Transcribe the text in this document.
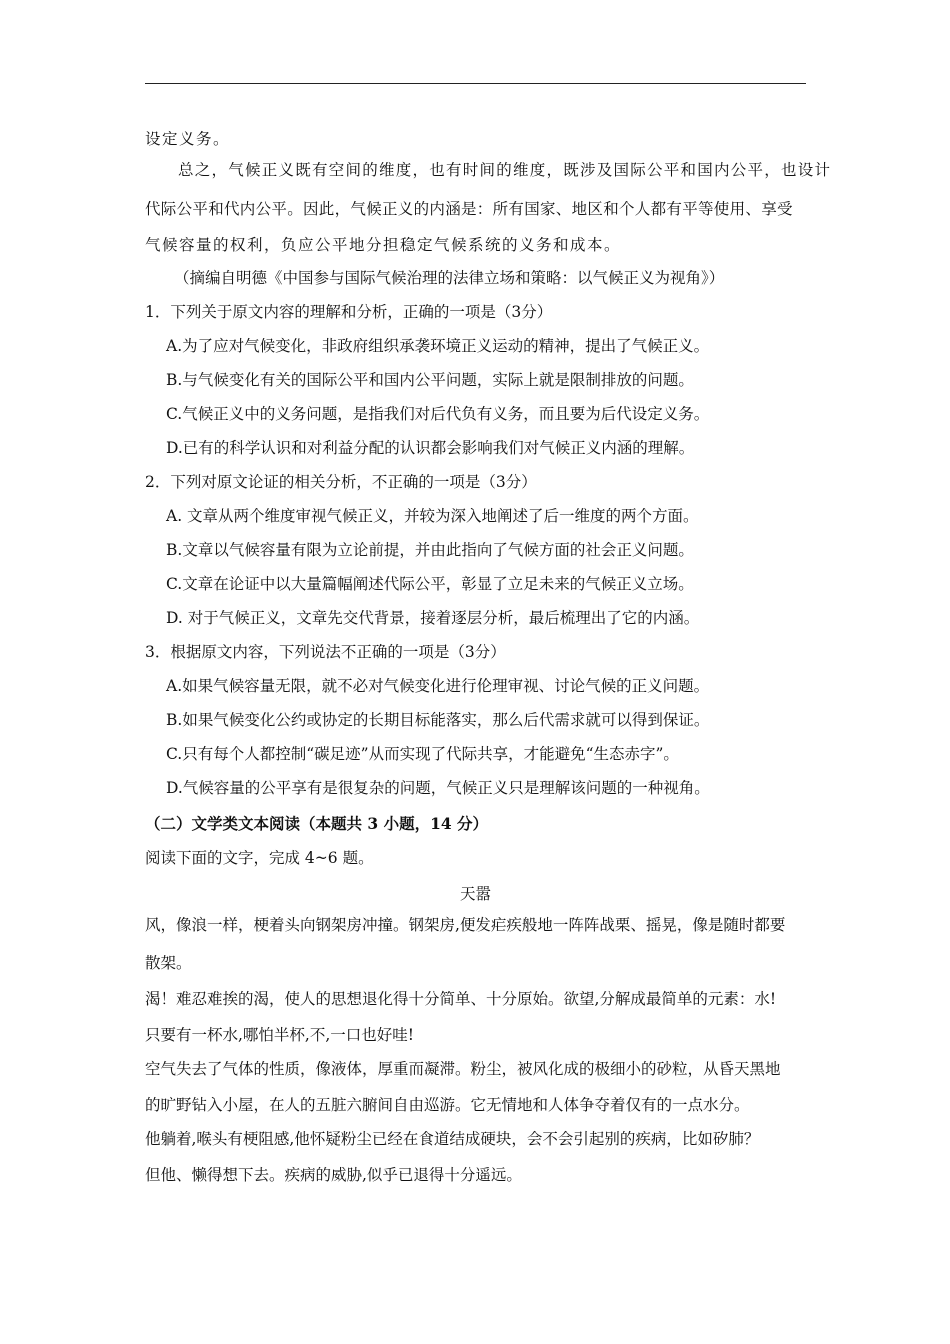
设定义务。
总之，气候正义既有空间的维度，也有时间的维度，既涉及国际公平和国内公平，也设计
代际公平和代内公平。因此，气候正义的内涵是：所有国家、地区和个人都有平等使用、享受
气候容量的权利，负应公平地分担稳定气候系统的义务和成本。
（摘编自明德《中国参与国际气候治理的法律立场和策略：以气候正义为视角》）
1．下列关于原文内容的理解和分析，正确的一项是（3分）
A.为了应对气候变化，非政府组织承袭环境正义运动的精神，提出了气候正义。
B.与气候变化有关的国际公平和国内公平问题，实际上就是限制排放的问题。
C.气候正义中的义务问题，是指我们对后代负有义务，而且要为后代设定义务。
D.已有的科学认识和对利益分配的认识都会影响我们对气候正义内涵的理解。
2．下列对原文论证的相关分析，不正确的一项是（3分）
A. 文章从两个维度审视气候正义，并较为深入地阐述了后一维度的两个方面。
B.文章以气候容量有限为立论前提，并由此指向了气候方面的社会正义问题。
C.文章在论证中以大量篇幅阐述代际公平，彰显了立足未来的气候正义立场。
D. 对于气候正义，文章先交代背景，接着逐层分析，最后梳理出了它的内涵。
3．根据原文内容，下列说法不正确的一项是（3分）
A.如果气候容量无限，就不必对气候变化进行伦理审视、讨论气候的正义问题。
B.如果气候变化公约或协定的长期目标能落实，那么后代需求就可以得到保证。
C.只有每个人都控制“碳足迹”从而实现了代际共享，才能避免“生态赤字”。
D.气候容量的公平享有是很复杂的问题，气候正义只是理解该问题的一种视角。
（二）文学类文本阅读（本题共 3 小题，14 分）
阅读下面的文字，完成 4~6 题。
天嚣
风，像浪一样，梗着头向钢架房冲撞。钢架房,便发疟疾般地一阵阵战栗、摇晃，像是随时都要
散架。
渴！难忍难挨的渴，使人的思想退化得十分简单、十分原始。欲望,分解成最简单的元素：水!
只要有一杯水,哪怕半杯,不,一口也好哇!
空气失去了气体的性质，像液体，厚重而凝滞。粉尘，被风化成的极细小的砂粒，从昏天黑地
的旷野钻入小屋，在人的五脏六腑间自由巡游。它无情地和人体争夺着仅有的一点水分。
他躺着,喉头有梗阻感,他怀疑粉尘已经在食道结成硬块，会不会引起别的疾病，比如矽肺？
但他、懒得想下去。疾病的威胁,似乎已退得十分遥远。
